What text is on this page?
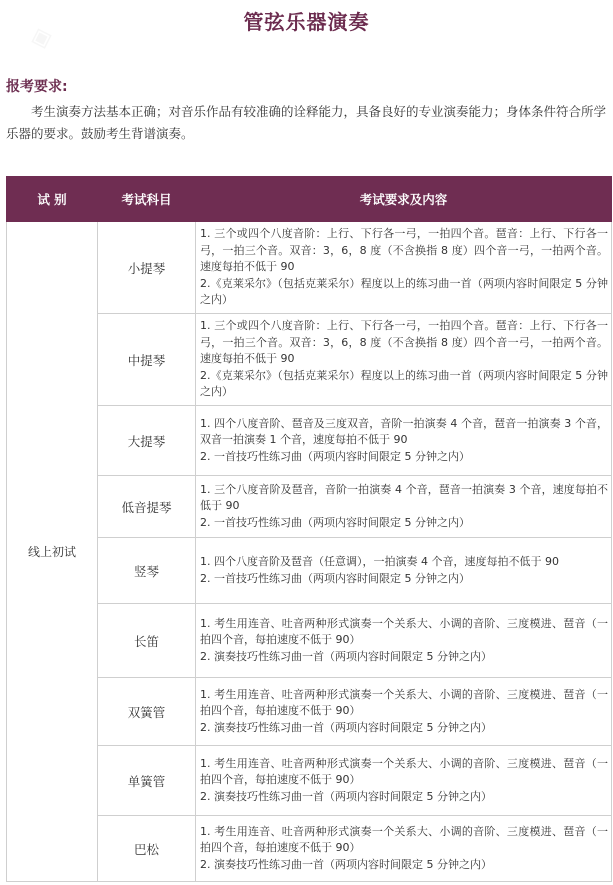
◈	管弦乐器演奏
报考要求:
考生演奏方法基本正确；对音乐作品有较准确的诠释能力，具备良好的专业演奏能力；身体条件符合所学乐器的要求。鼓励考生背谱演奏。
试 别	考试科目	考试要求及内容
线上初试	小提琴	1. 三个或四个八度音阶：上行、下行各一弓，一拍四个音。琶音：上行、下行各一弓，一拍三个音。双音：3，6，8 度（不含换指 8 度）四个音一弓，一拍两个音。速度每拍不低于 90
2.《克莱采尔》（包括克莱采尔）程度以上的练习曲一首（两项内容时间限定 5 分钟之内）

	中提琴	1. 三个或四个八度音阶：上行、下行各一弓，一拍四个音。琶音：上行、下行各一弓，一拍三个音。双音：3，6，8 度（不含换指 8 度）四个音一弓，一拍两个音。速度每拍不低于 90
2.《克莱采尔》（包括克莱采尔）程度以上的练习曲一首（两项内容时间限定 5 分钟之内）

	大提琴	1. 四个八度音阶、琶音及三度双音，音阶一拍演奏 4 个音，琶音一拍演奏 3 个音，双音一拍演奏 1 个音，速度每拍不低于 90
2. 一首技巧性练习曲（两项内容时间限定 5 分钟之内）

	低音提琴	1. 三个八度音阶及琶音，音阶一拍演奏 4 个音，琶音一拍演奏 3 个音，速度每拍不低于 90
2. 一首技巧性练习曲（两项内容时间限定 5 分钟之内）

	竖琴	1. 四个八度音阶及琶音（任意调），一拍演奏 4 个音，速度每拍不低于 90
2. 一首技巧性练习曲（两项内容时间限定 5 分钟之内）

	长笛	1. 考生用连音、吐音两种形式演奏一个关系大、小调的音阶、三度模进、琶音（一拍四个音，每拍速度不低于 90）
2. 演奏技巧性练习曲一首（两项内容时间限定 5 分钟之内）

	双簧管	1. 考生用连音、吐音两种形式演奏一个关系大、小调的音阶、三度模进、琶音（一拍四个音，每拍速度不低于 90）
2. 演奏技巧性练习曲一首（两项内容时间限定 5 分钟之内）

	单簧管	1. 考生用连音、吐音两种形式演奏一个关系大、小调的音阶、三度模进、琶音（一拍四个音，每拍速度不低于 90）
2. 演奏技巧性练习曲一首（两项内容时间限定 5 分钟之内）

	巴松	1. 考生用连音、吐音两种形式演奏一个关系大、小调的音阶、三度模进、琶音（一拍四个音，每拍速度不低于 90）
2. 演奏技巧性练习曲一首（两项内容时间限定 5 分钟之内）
